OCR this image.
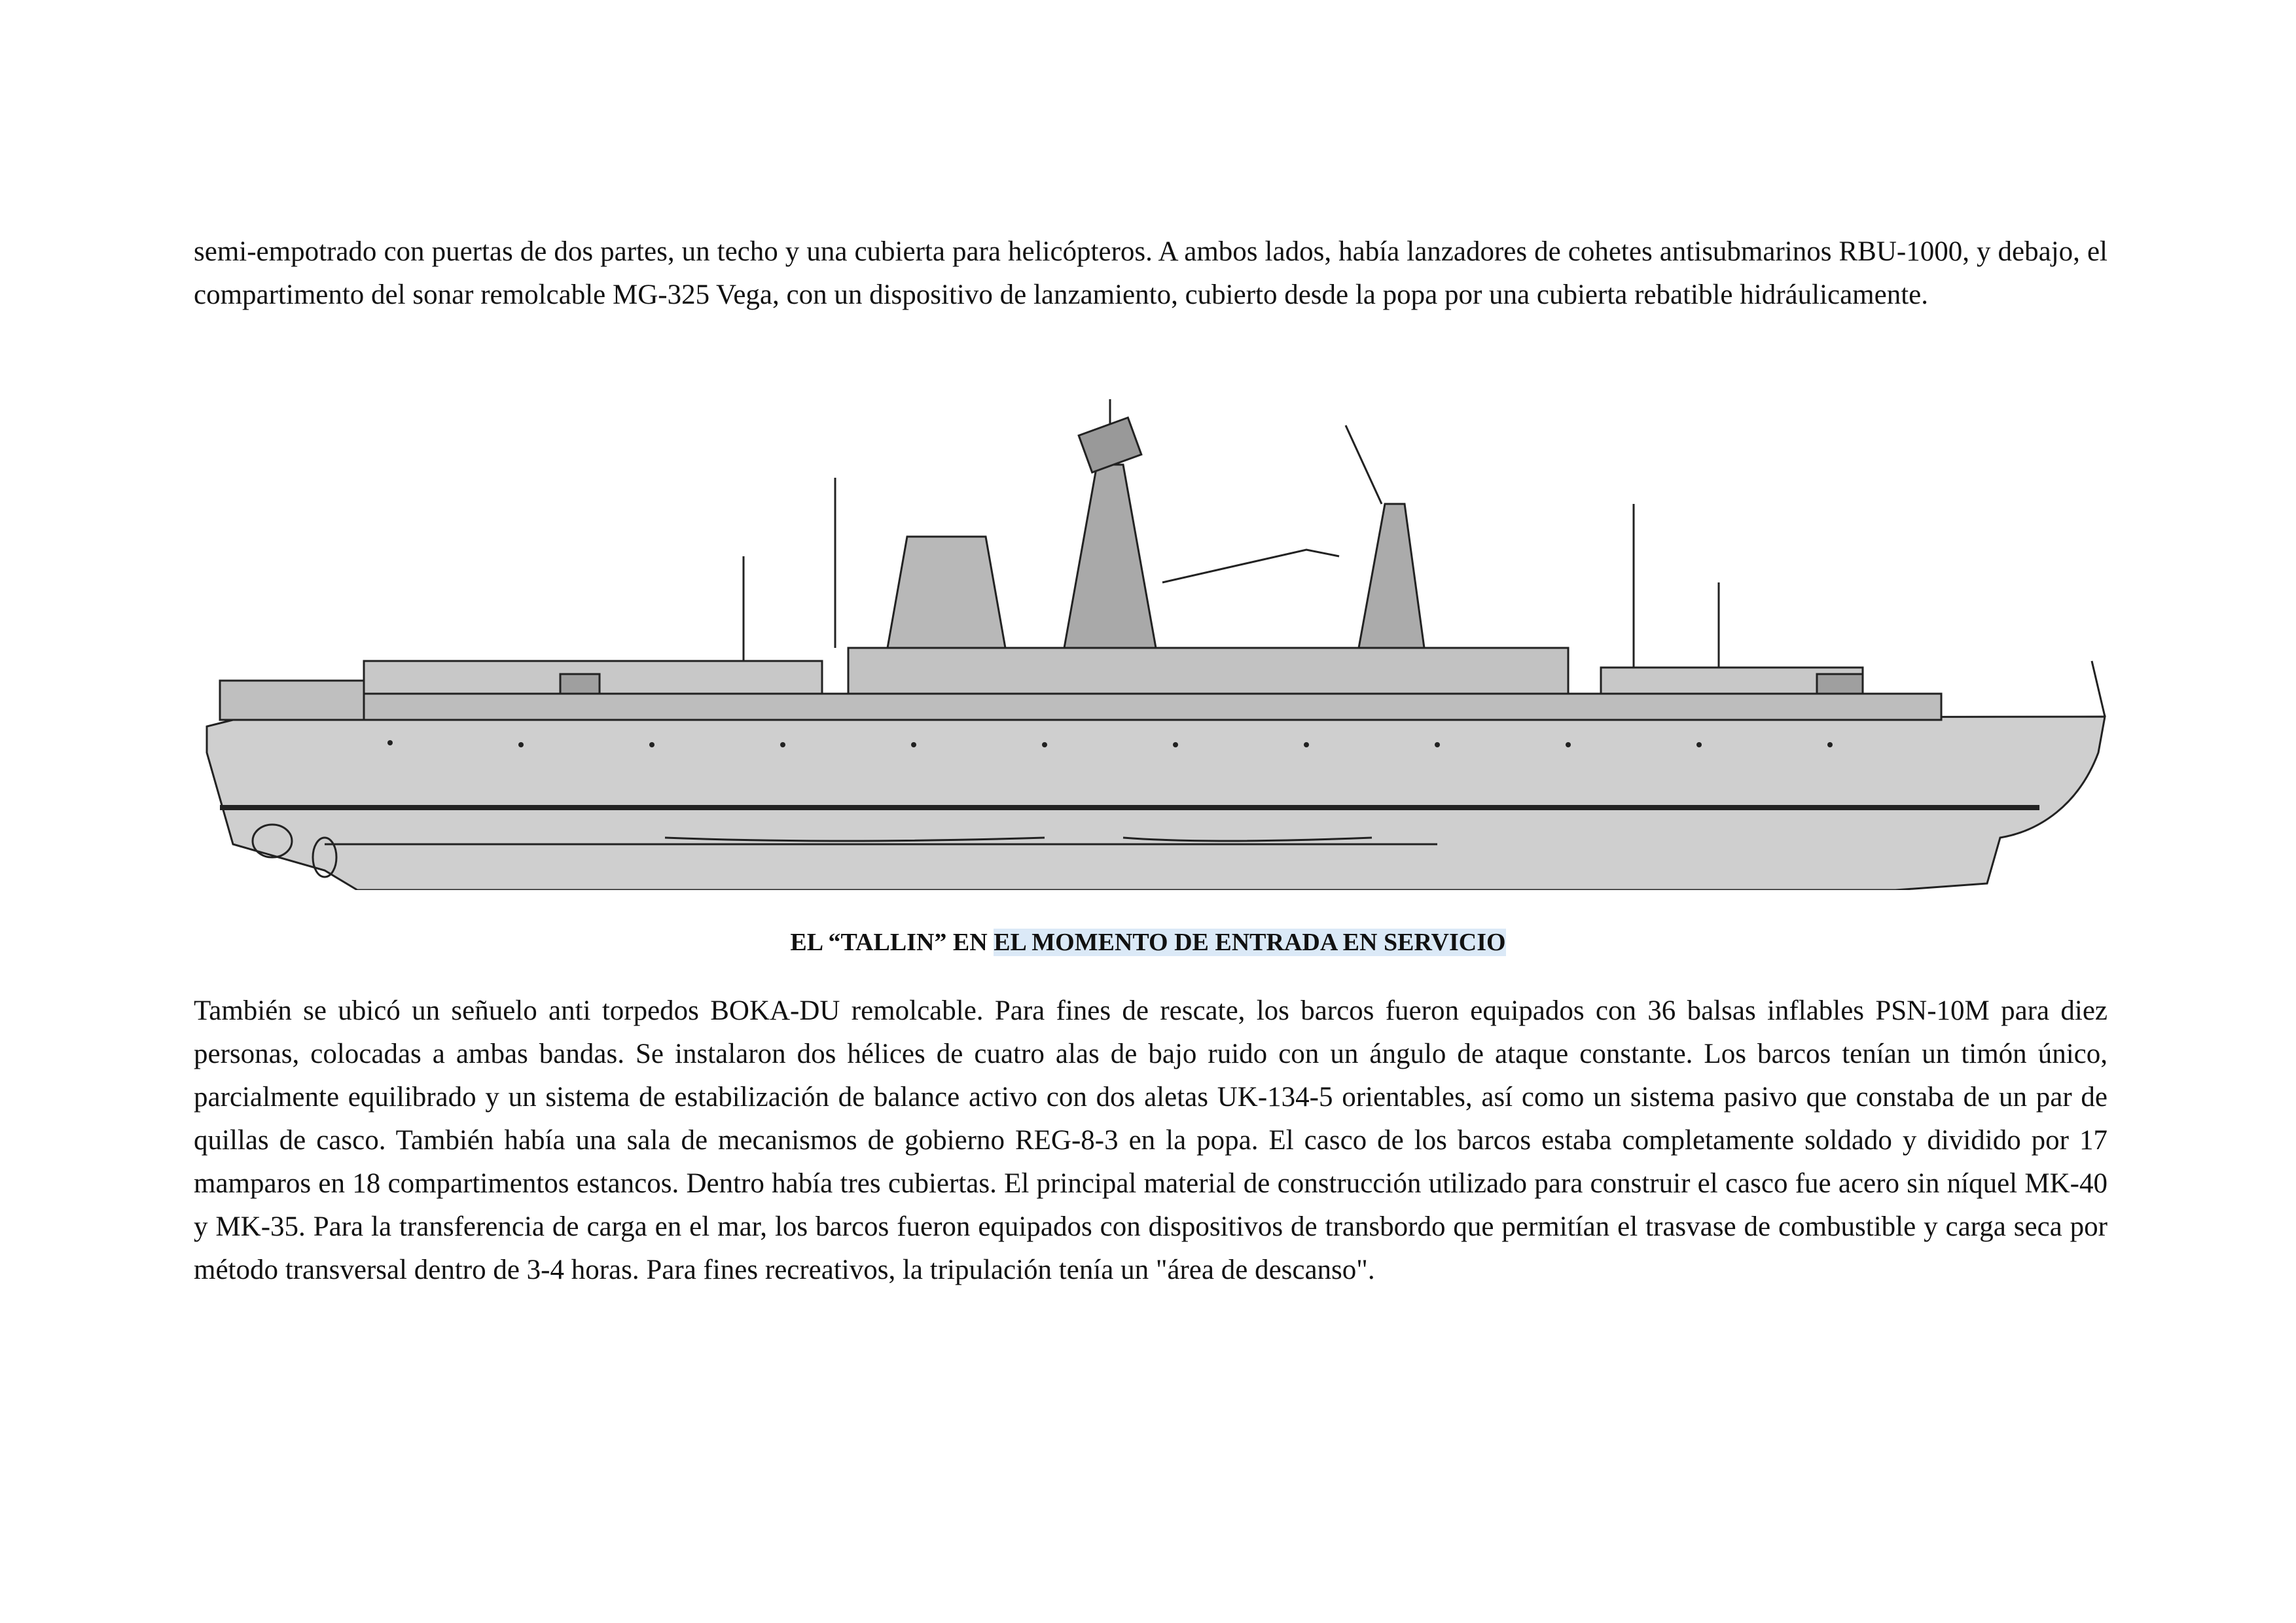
semi-empotrado con puertas de dos partes, un techo y una cubierta para helicópteros. A ambos lados, había lanzadores de cohetes antisubmarinos RBU-1000, y debajo, el compartimento del sonar remolcable MG-325 Vega, con un dispositivo de lanzamiento, cubierto desde la popa por una cubierta rebatible hidráulicamente.

EL “TALLIN” EN EL MOMENTO DE ENTRADA EN SERVICIO

También se ubicó un señuelo anti torpedos BOKA-DU remolcable. Para fines de rescate, los barcos fueron equipados con 36 balsas inflables PSN-10M para diez personas, colocadas a ambas bandas. Se instalaron dos hélices de cuatro alas de bajo ruido con un ángulo de ataque constante. Los barcos tenían un timón único, parcialmente equilibrado y un sistema de estabilización de balance activo con dos aletas UK-134-5 orientables, así como un sistema pasivo que constaba de un par de quillas de casco. También había una sala de mecanismos de gobierno REG-8-3 en la popa. El casco de los barcos estaba completamente soldado y dividido por 17 mamparos en 18 compartimentos estancos. Dentro había tres cubiertas. El principal material de construcción utilizado para construir el casco fue acero sin níquel MK-40 y MK-35. Para la transferencia de carga en el mar, los barcos fueron equipados con dispositivos de transbordo que permitían el trasvase de combustible y carga seca por método transversal dentro de 3-4 horas. Para fines recreativos, la tripulación tenía un "área de descanso".
